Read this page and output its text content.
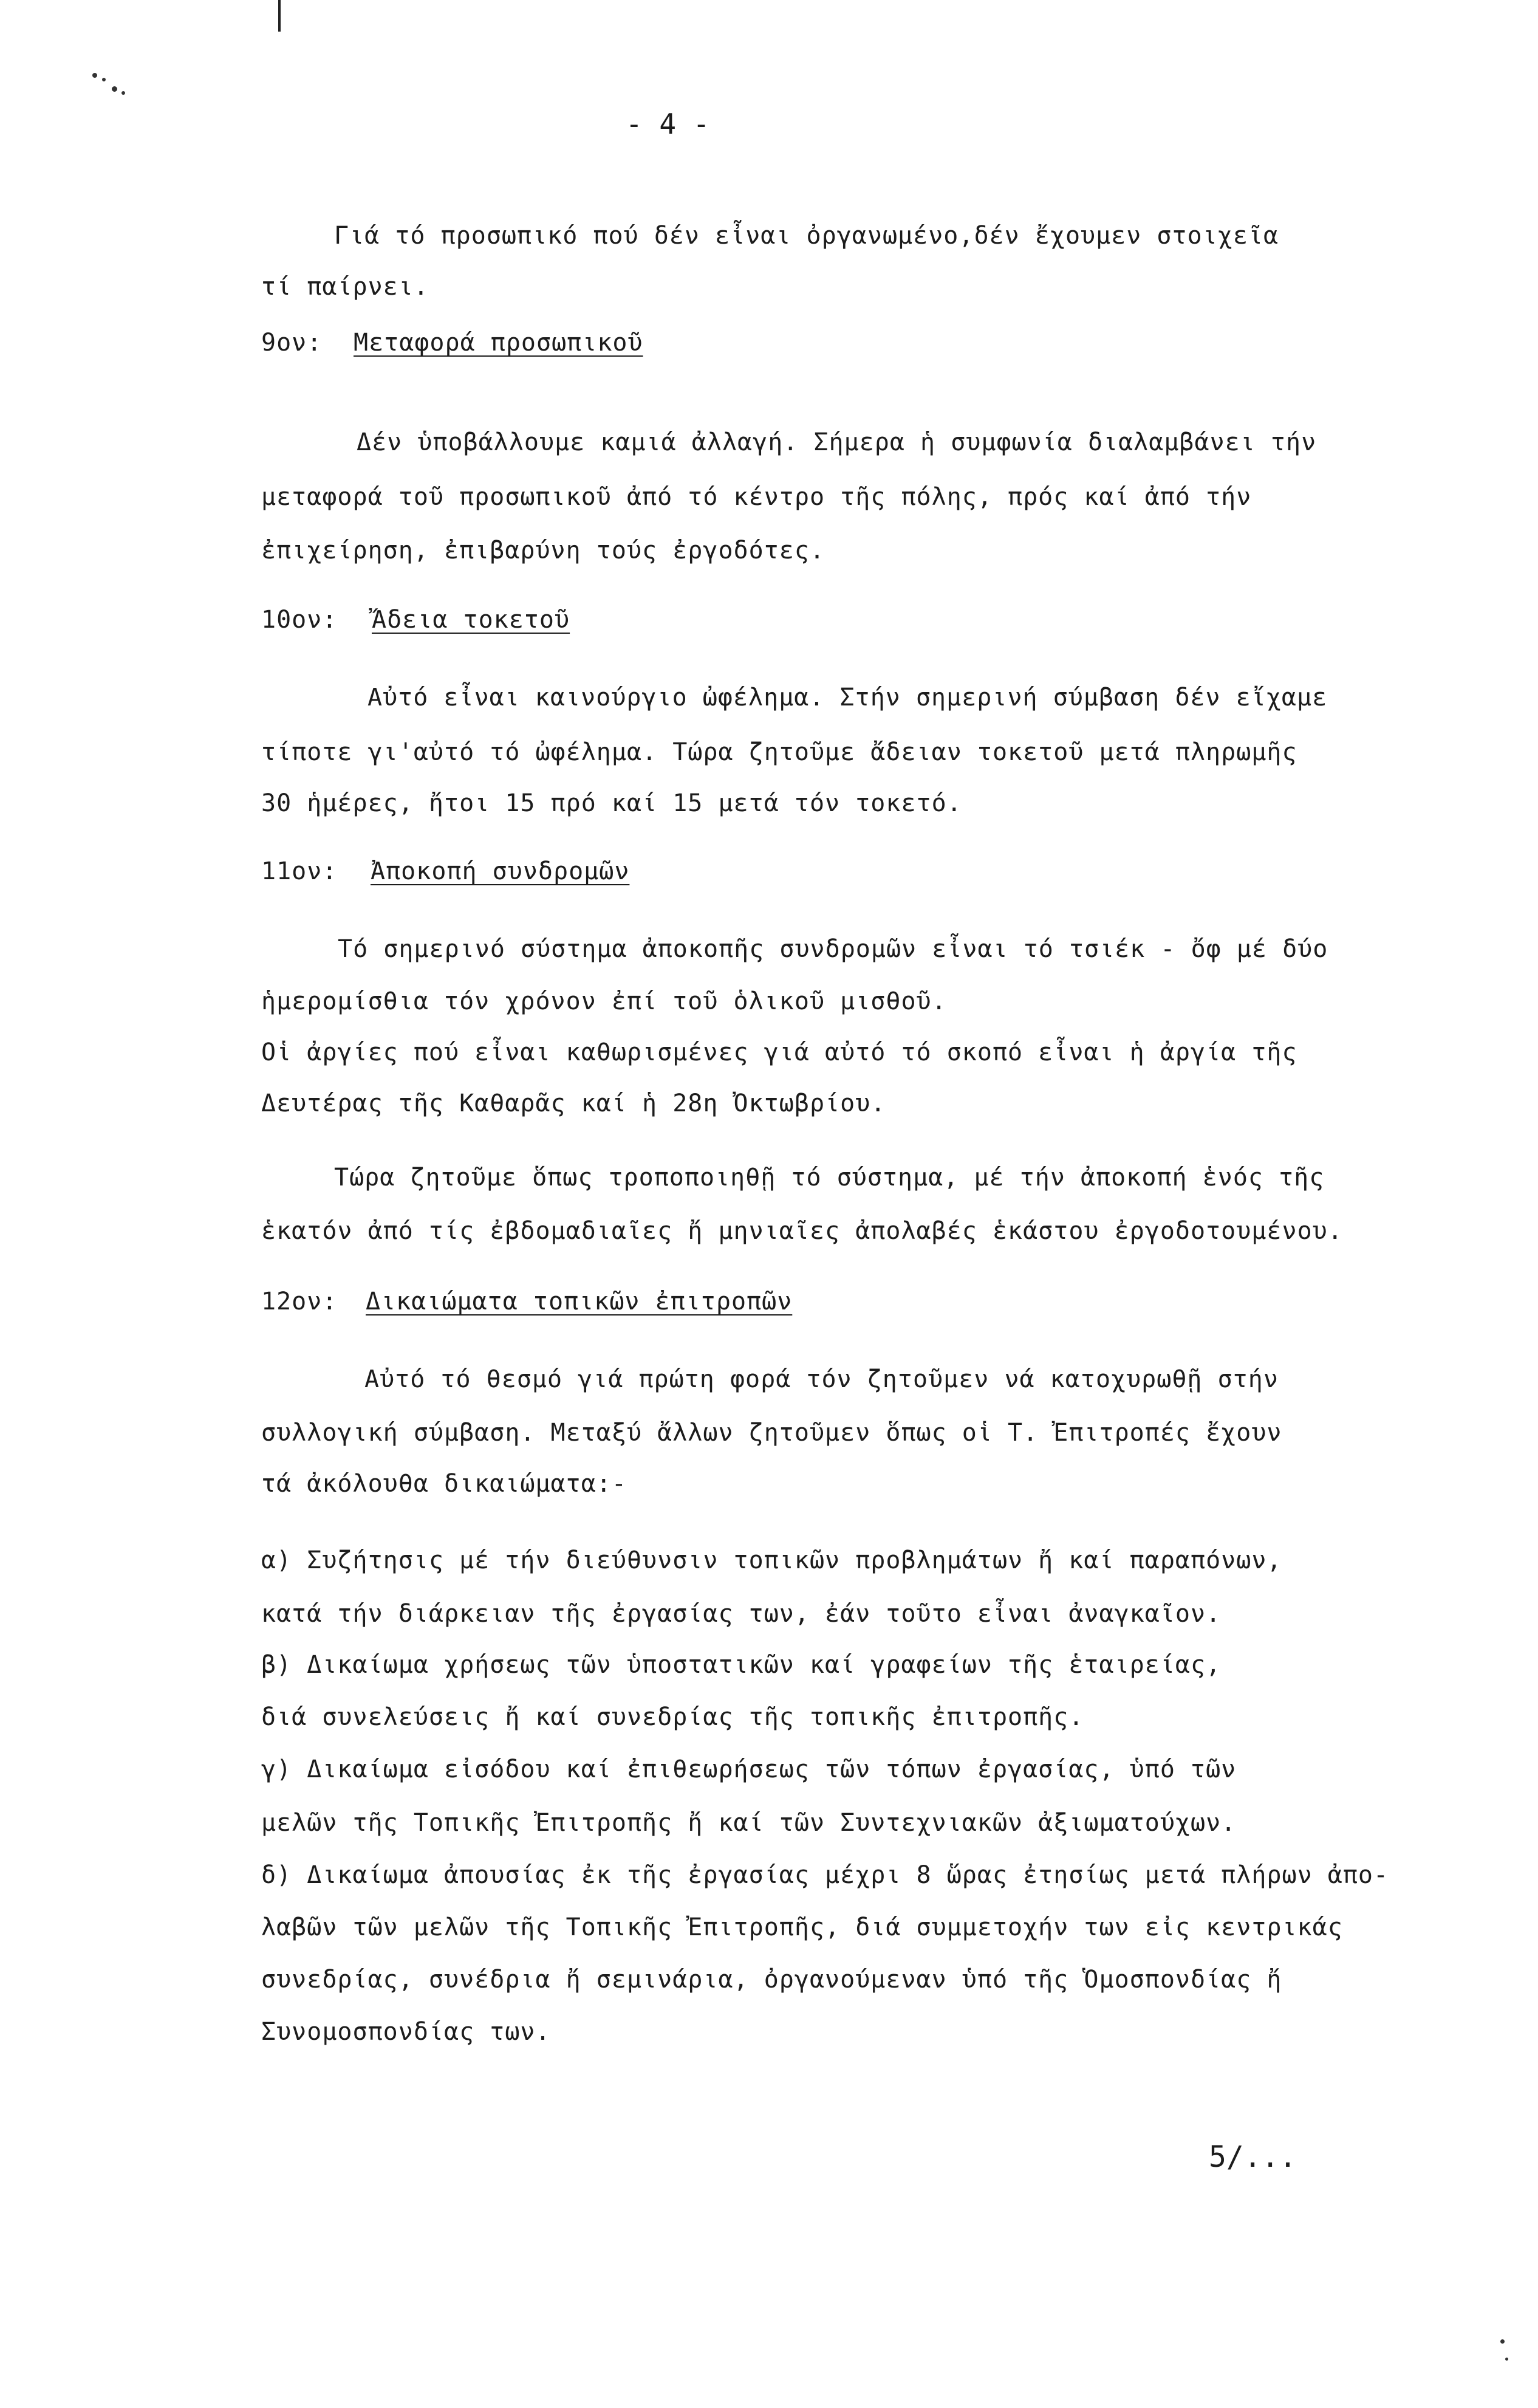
- 4 -
Γιά τό προσωπικό πού δέν εἶναι ὀργανωμένο,δέν ἔχουμεν στοιχεῖα
τί παίρνει.
9ον: Μεταφορά προσωπικοῦ
Δέν ὑποβάλλουμε καμιά ἀλλαγή. Σήμερα ἡ συμφωνία διαλαμβάνει τήν
μεταφορά τοῦ προσωπικοῦ ἀπό τό κέντρο τῆς πόλης, πρός καί ἀπό τήν
ἐπιχείρηση, ἐπιβαρύνη τούς ἐργοδότες.
10ον: Ἄδεια τοκετοῦ
Αὐτό εἶναι καινούργιο ὠφέλημα. Στήν σημερινή σύμβαση δέν εἴχαμε
τίποτε γι'αὐτό τό ὠφέλημα. Τώρα ζητοῦμε ἄδειαν τοκετοῦ μετά πληρωμῆς
30 ἡμέρες, ἤτοι 15 πρό καί 15 μετά τόν τοκετό.
11ον: Ἀποκοπή συνδρομῶν
Τό σημερινό σύστημα ἀποκοπῆς συνδρομῶν εἶναι τό τσιέκ - ὄφ μέ δύο
ἡμερομίσθια τόν χρόνον ἐπί τοῦ ὁλικοῦ μισθοῦ.
Οἱ ἀργίες πού εἶναι καθωρισμένες γιά αὐτό τό σκοπό εἶναι ἡ ἀργία τῆς
Δευτέρας τῆς Καθαρᾶς καί ἡ 28η Ὀκτωβρίου.
Τώρα ζητοῦμε ὅπως τροποποιηθῇ τό σύστημα, μέ τήν ἀποκοπή ἑνός τῆς
ἑκατόν ἀπό τίς ἐβδομαδιαῖες ἤ μηνιαῖες ἀπολαβές ἑκάστου ἐργοδοτουμένου.
12ον: Δικαιώματα τοπικῶν ἐπιτροπῶν
Αὐτό τό θεσμό γιά πρώτη φορά τόν ζητοῦμεν νά κατοχυρωθῇ στήν
συλλογική σύμβαση. Μεταξύ ἄλλων ζητοῦμεν ὅπως οἱ Τ. Ἐπιτροπές ἔχουν
τά ἀκόλουθα δικαιώματα:-
α) Συζήτησις μέ τήν διεύθυνσιν τοπικῶν προβλημάτων ἤ καί παραπόνων,
κατά τήν διάρκειαν τῆς ἐργασίας των, ἐάν τοῦτο εἶναι ἀναγκαῖον.
β) Δικαίωμα χρήσεως τῶν ὑποστατικῶν καί γραφείων τῆς ἑταιρείας,
διά συνελεύσεις ἤ καί συνεδρίας τῆς τοπικῆς ἐπιτροπῆς.
γ) Δικαίωμα εἰσόδου καί ἐπιθεωρήσεως τῶν τόπων ἐργασίας, ὑπό τῶν
μελῶν τῆς Τοπικῆς Ἐπιτροπῆς ἤ καί τῶν Συντεχνιακῶν ἀξιωματούχων.
δ) Δικαίωμα ἀπουσίας ἐκ τῆς ἐργασίας μέχρι 8 ὥρας ἐτησίως μετά πλήρων ἀπο-
λαβῶν τῶν μελῶν τῆς Τοπικῆς Ἐπιτροπῆς, διά συμμετοχήν των εἰς κεντρικάς
συνεδρίας, συνέδρια ἤ σεμινάρια, ὀργανούμεναν ὑπό τῆς Ὁμοσπονδίας ἤ
Συνομοσπονδίας των.
5/...
